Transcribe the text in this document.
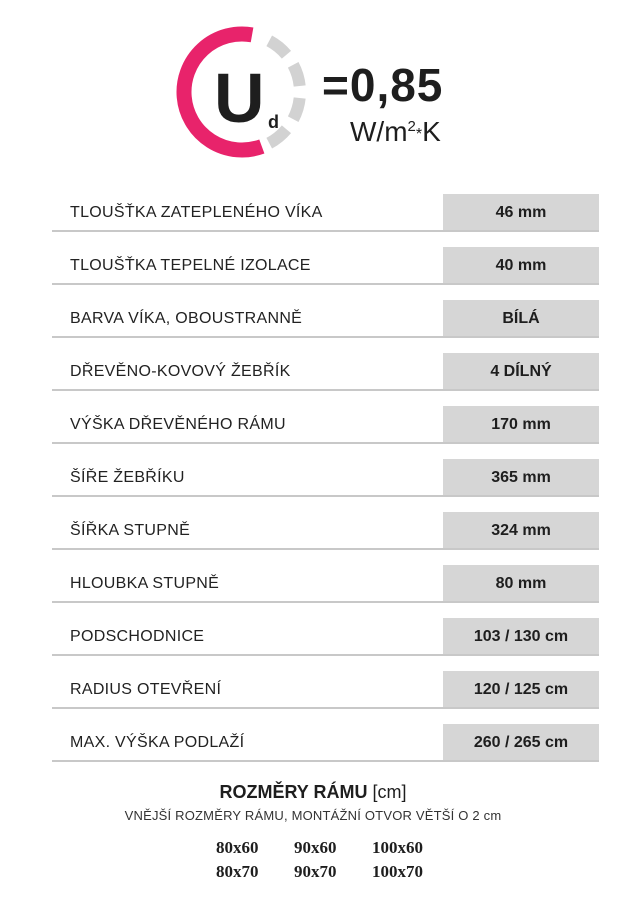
U d
=0,85
$W/m^2*K$
TLOUŠŤKA ZATEPLENÉHO VÍKA	46 mm
TLOUŠŤKA TEPELNÉ IZOLACE	40 mm
BARVA VÍKA, OBOUSTRANNĚ	BÍLÁ
DŘEVĚNO-KOVOVÝ ŽEBŘÍK	4 DÍLNÝ
VÝŠKA DŘEVĚNÉHO RÁMU	170 mm
ŠÍŘE ŽEBŘÍKU	365 mm
ŠÍŘKA STUPNĚ	324 mm
HLOUBKA STUPNĚ	80 mm
PODSCHODNICE	103 / 130 cm
RADIUS OTEVŘENÍ	120 / 125 cm
MAX. VÝŠKA PODLAŽÍ	260 / 265 cm
ROZMĚRY RÁMU [cm]
VNĚJŠÍ ROZMĚRY RÁMU, MONTÁŽNÍ OTVOR VĚTŠÍ O 2 cm
80x60 90x60 100x60
80x70 90x70 100x70
